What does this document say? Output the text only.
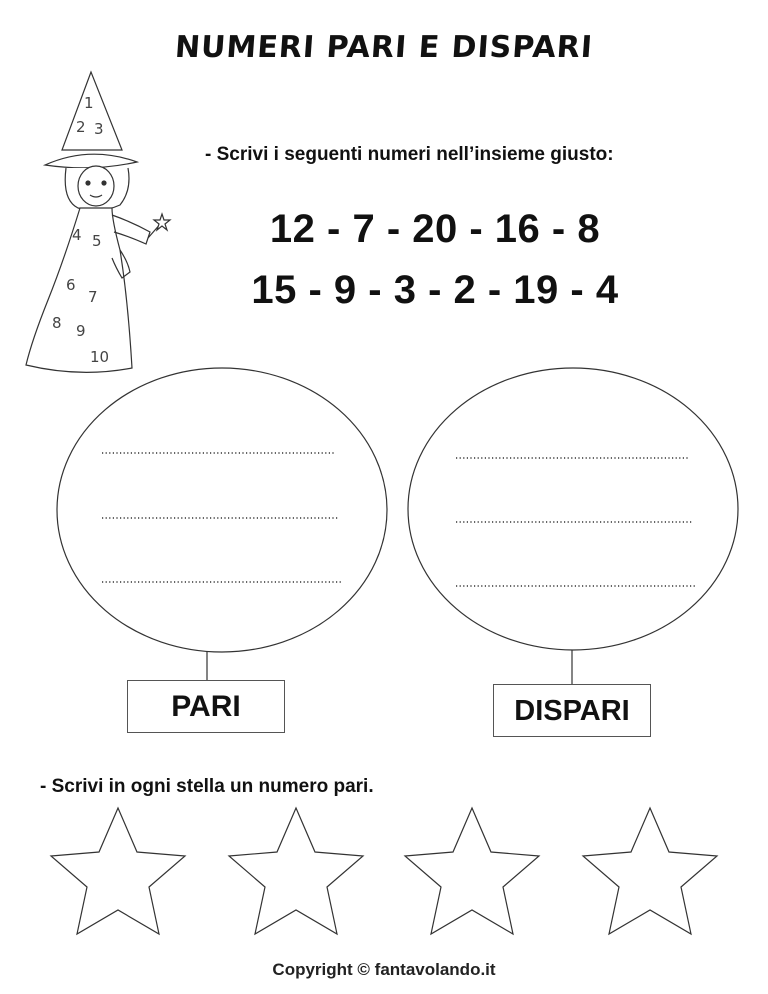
NUMERI PARI E DISPARI
- Scrivi i seguenti numeri nell’insieme giusto:
12 - 7 - 20 - 16 - 8
15 - 9 - 3 - 2 - 19 - 4
1
2 3
4 5
6
7
8 9
10
PARI	DISPARI
- Scrivi in ogni stella un numero pari.
Copyright © fantavolando.it
